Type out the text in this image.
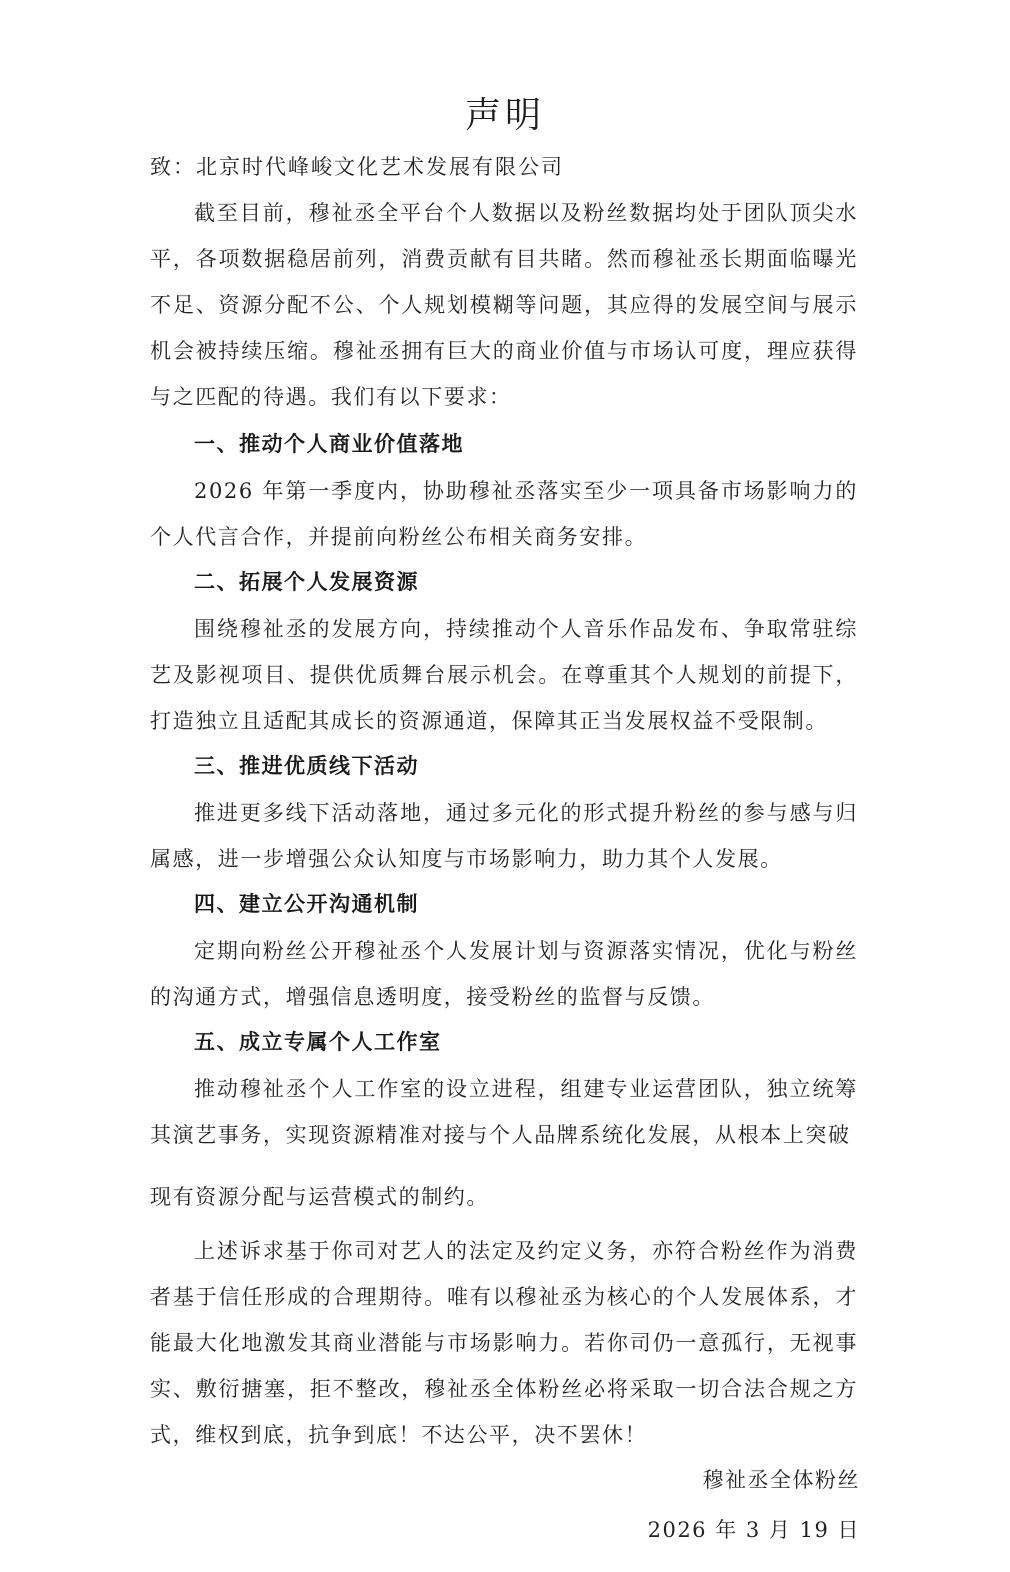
声明
致：北京时代峰峻文化艺术发展有限公司

截至目前，穆祉丞全平台个人数据以及粉丝数据均处于团队顶尖水平，各项数据稳居前列，消费贡献有目共睹。然而穆祉丞长期面临曝光不足、资源分配不公、个人规划模糊等问题，其应得的发展空间与展示机会被持续压缩。穆祉丞拥有巨大的商业价值与市场认可度，理应获得与之匹配的待遇。我们有以下要求：

一、推动个人商业价值落地

2026 年第一季度内，协助穆祉丞落实至少一项具备市场影响力的个人代言合作，并提前向粉丝公布相关商务安排。

二、拓展个人发展资源

围绕穆祉丞的发展方向，持续推动个人音乐作品发布、争取常驻综艺及影视项目、提供优质舞台展示机会。在尊重其个人规划的前提下，打造独立且适配其成长的资源通道，保障其正当发展权益不受限制。

三、推进优质线下活动

推进更多线下活动落地，通过多元化的形式提升粉丝的参与感与归属感，进一步增强公众认知度与市场影响力，助力其个人发展。

四、建立公开沟通机制

定期向粉丝公开穆祉丞个人发展计划与资源落实情况，优化与粉丝的沟通方式，增强信息透明度，接受粉丝的监督与反馈。

五、成立专属个人工作室

推动穆祉丞个人工作室的设立进程，组建专业运营团队，独立统筹其演艺事务，实现资源精准对接与个人品牌系统化发展，从根本上突破

现有资源分配与运营模式的制约。

上述诉求基于你司对艺人的法定及约定义务，亦符合粉丝作为消费者基于信任形成的合理期待。唯有以穆祉丞为核心的个人发展体系，才能最大化地激发其商业潜能与市场影响力。若你司仍一意孤行，无视事实、敷衍搪塞，拒不整改，穆祉丞全体粉丝必将采取一切合法合规之方式，维权到底，抗争到底！不达公平，决不罢休！

穆祉丞全体粉丝
2026 年 3 月 19 日
